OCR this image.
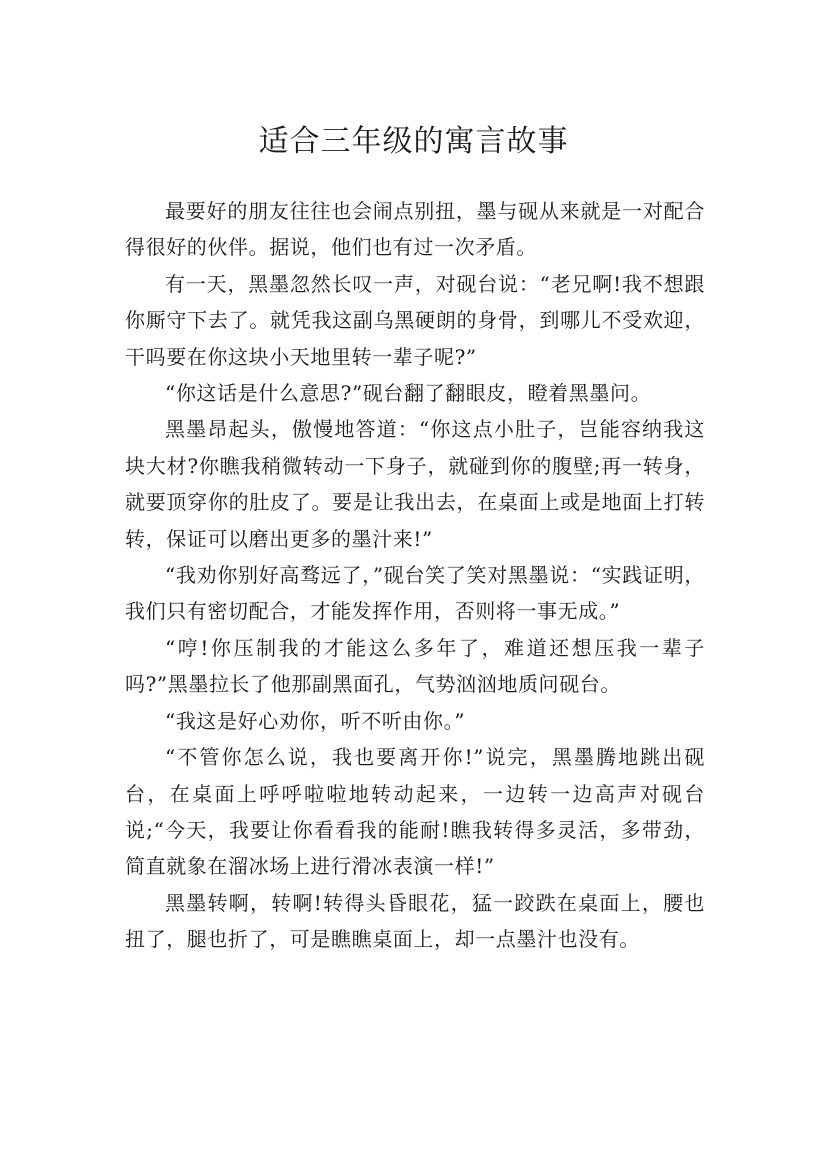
适合三年级的寓言故事

最要好的朋友往往也会闹点别扭，墨与砚从来就是一对配合得很好的伙伴。据说，他们也有过一次矛盾。

有一天，黑墨忽然长叹一声，对砚台说：“老兄啊!我不想跟你厮守下去了。就凭我这副乌黑硬朗的身骨，到哪儿不受欢迎，干吗要在你这块小天地里转一辈子呢?”

“你这话是什么意思?”砚台翻了翻眼皮，瞪着黑墨问。

黑墨昂起头，傲慢地答道：“你这点小肚子，岂能容纳我这块大材?你瞧我稍微转动一下身子，就碰到你的腹壁;再一转身，就要顶穿你的肚皮了。要是让我出去，在桌面上或是地面上打转转，保证可以磨出更多的墨汁来!”

“我劝你别好高骛远了，”砚台笑了笑对黑墨说：“实践证明，我们只有密切配合，才能发挥作用，否则将一事无成。”

“哼!你压制我的才能这么多年了，难道还想压我一辈子吗?”黑墨拉长了他那副黑面孔，气势汹汹地质问砚台。

“我这是好心劝你，听不听由你。”

“不管你怎么说，我也要离开你!”说完，黑墨腾地跳出砚台，在桌面上呼呼啦啦地转动起来，一边转一边高声对砚台说;“今天，我要让你看看我的能耐!瞧我转得多灵活，多带劲，简直就象在溜冰场上进行滑冰表演一样!”

黑墨转啊，转啊!转得头昏眼花，猛一跤跌在桌面上，腰也扭了，腿也折了，可是瞧瞧桌面上，却一点墨汁也没有。
